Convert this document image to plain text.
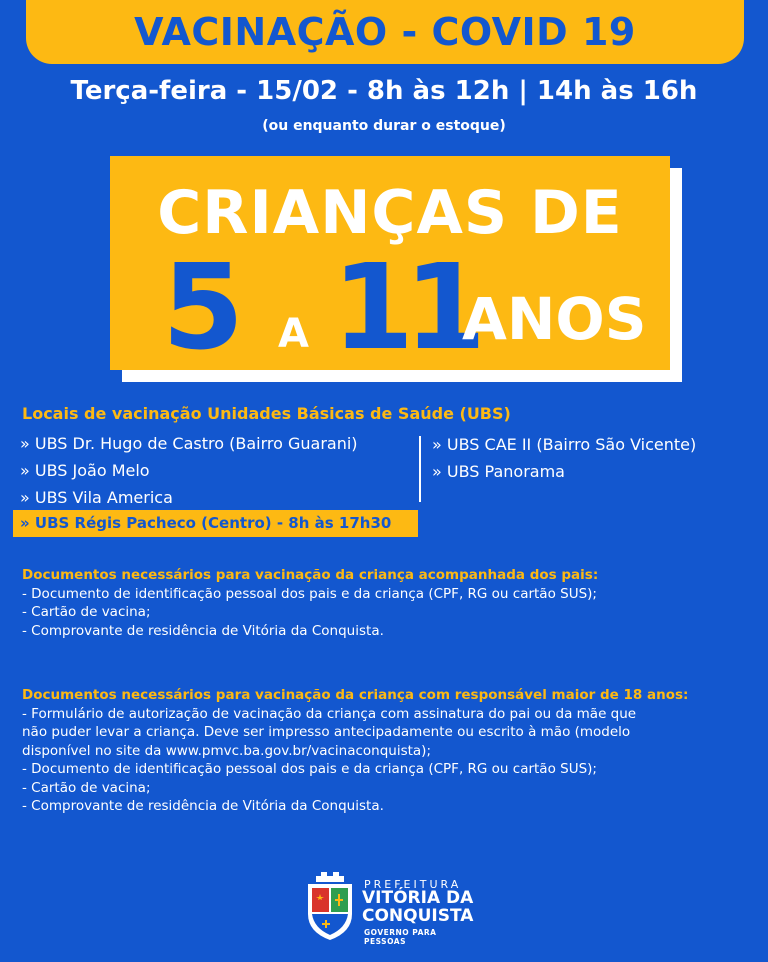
VACINAÇÃO - COVID 19
Terça-feira - 15/02 - 8h às 12h | 14h às 16h
(ou enquanto durar o estoque)
CRIANÇAS DE
5 A 11
ANOS
Locais de vacinação Unidades Básicas de Saúde (UBS)
» UBS Dr. Hugo de Castro (Bairro Guarani)
» UBS João Melo
» UBS Vila America
» UBS CAE II (Bairro São Vicente)
» UBS Panorama
» UBS Régis Pacheco (Centro) - 8h às 17h30
Documentos necessários para vacinação da criança acompanhada dos pais:
- Documento de identificação pessoal dos pais e da criança (CPF, RG ou cartão SUS);
- Cartão de vacina;
- Comprovante de residência de Vitória da Conquista.
Documentos necessários para vacinação da criança com responsável maior de 18 anos:
- Formulário de autorização de vacinação da criança com assinatura do pai ou da mãe que
não puder levar a criança. Deve ser impresso antecipadamente ou escrito à mão (modelo
disponível no site da www.pmvc.ba.gov.br/vacinaconquista);
- Documento de identificação pessoal dos pais e da criança (CPF, RG ou cartão SUS);
- Cartão de vacina;
- Comprovante de residência de Vitória da Conquista.
PREFEITURA
VITÓRIA DA
CONQUISTA
GOVERNO PARA PESSOAS
